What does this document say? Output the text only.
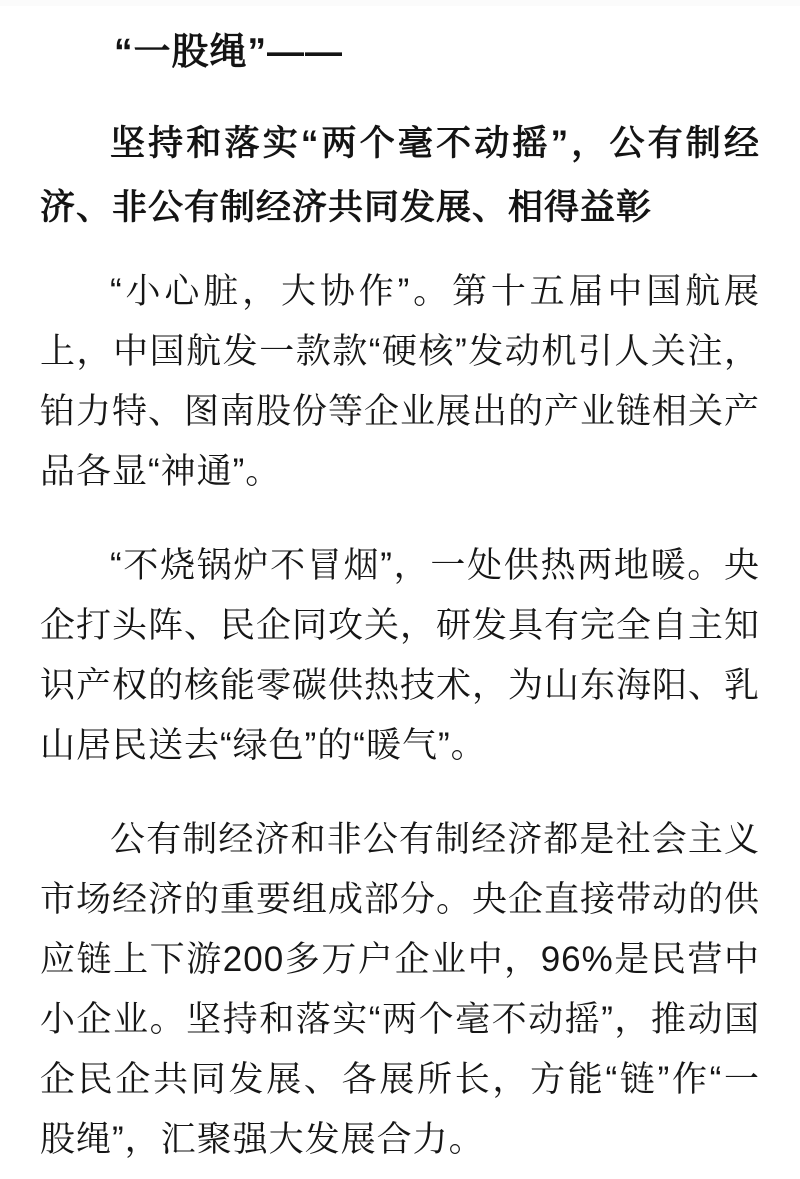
“一股绳”——
坚持和落实“两个毫不动摇”，公有制经济、非公有制经济共同发展、相得益彰

“小心脏，大协作”。第十五届中国航展上，中国航发一款款“硬核”发动机引人关注，铂力特、图南股份等企业展出的产业链相关产品各显“神通”。

“不烧锅炉不冒烟”，一处供热两地暖。央企打头阵、民企同攻关，研发具有完全自主知识产权的核能零碳供热技术，为山东海阳、乳山居民送去“绿色”的“暖气”。

公有制经济和非公有制经济都是社会主义市场经济的重要组成部分。央企直接带动的供应链上下游200多万户企业中，96%是民营中小企业。坚持和落实“两个毫不动摇”，推动国企民企共同发展、各展所长，方能“链”作“一股绳”，汇聚强大发展合力。
